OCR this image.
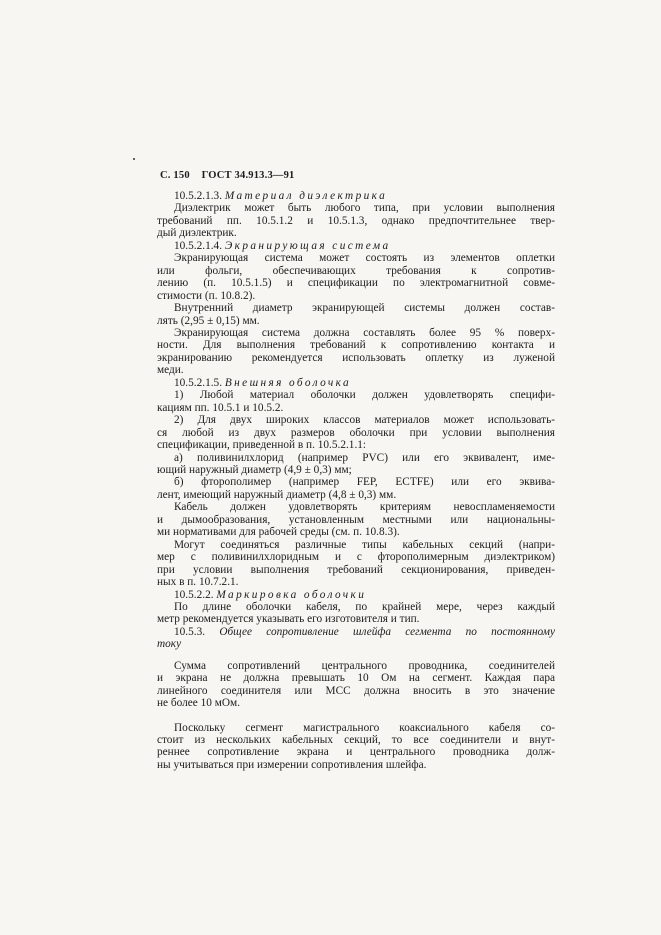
С. 150 ГОСТ 34.913.3—91

10.5.2.1.3. Материал диэлектрика

Диэлектрик может быть любого типа, при условии выполнения
требований пп. 10.5.1.2 и 10.5.1.3, однако предпочтительнее твер-
дый диэлектрик.

10.5.2.1.4. Экранирующая система

Экранирующая система может состоять из элементов оплетки
или фольги, обеспечивающих требования к сопротив-
лению (п. 10.5.1.5) и спецификации по электромагнитной совме-
стимости (п. 10.8.2).

Внутренний диаметр экранирующей системы должен состав-
лять (2,95 ± 0,15) мм.

Экранирующая система должна составлять более 95 % поверх-
ности. Для выполнения требований к сопротивлению контакта и
экранированию рекомендуется использовать оплетку из луженой
меди.

10.5.2.1.5. Внешняя оболочка

1) Любой материал оболочки должен удовлетворять специфи-
кациям пп. 10.5.1 и 10.5.2.

2) Для двух широких классов материалов может использовать-
ся любой из двух размеров оболочки при условии выполнения
спецификации, приведенной в п. 10.5.2.1.1:

а) поливинилхлорид (например PVC) или его эквивалент, име-
ющий наружный диаметр (4,9 ± 0,3) мм;

б) фторополимер (например FEP, ECTFE) или его эквива-
лент, имеющий наружный диаметр (4,8 ± 0,3) мм.

Кабель должен удовлетворять критериям невоспламеняемости
и дымообразования, установленным местными или национальны-
ми нормативами для рабочей среды (см. п. 10.8.3).

Могут соединяться различные типы кабельных секций (напри-
мер с поливинилхлоридным и с фторополимерным диэлектриком)
при условии выполнения требований секционирования, приведен-
ных в п. 10.7.2.1.

10.5.2.2. Маркировка оболочки

По длине оболочки кабеля, по крайней мере, через каждый
метр рекомендуется указывать его изготовителя и тип.

10.5.3. Общее сопротивление шлейфа сегмента по постоянному
току

Сумма сопротивлений центрального проводника, соединителей
и экрана не должна превышать 10 Ом на сегмент. Каждая пара
линейного соединителя или МСС должна вносить в это значение
не более 10 мОм.

Поскольку сегмент магистрального коаксиального кабеля со-
стоит из нескольких кабельных секций, то все соединители и внут-
реннее сопротивление экрана и центрального проводника долж-
ны учитываться при измерении сопротивления шлейфа.
